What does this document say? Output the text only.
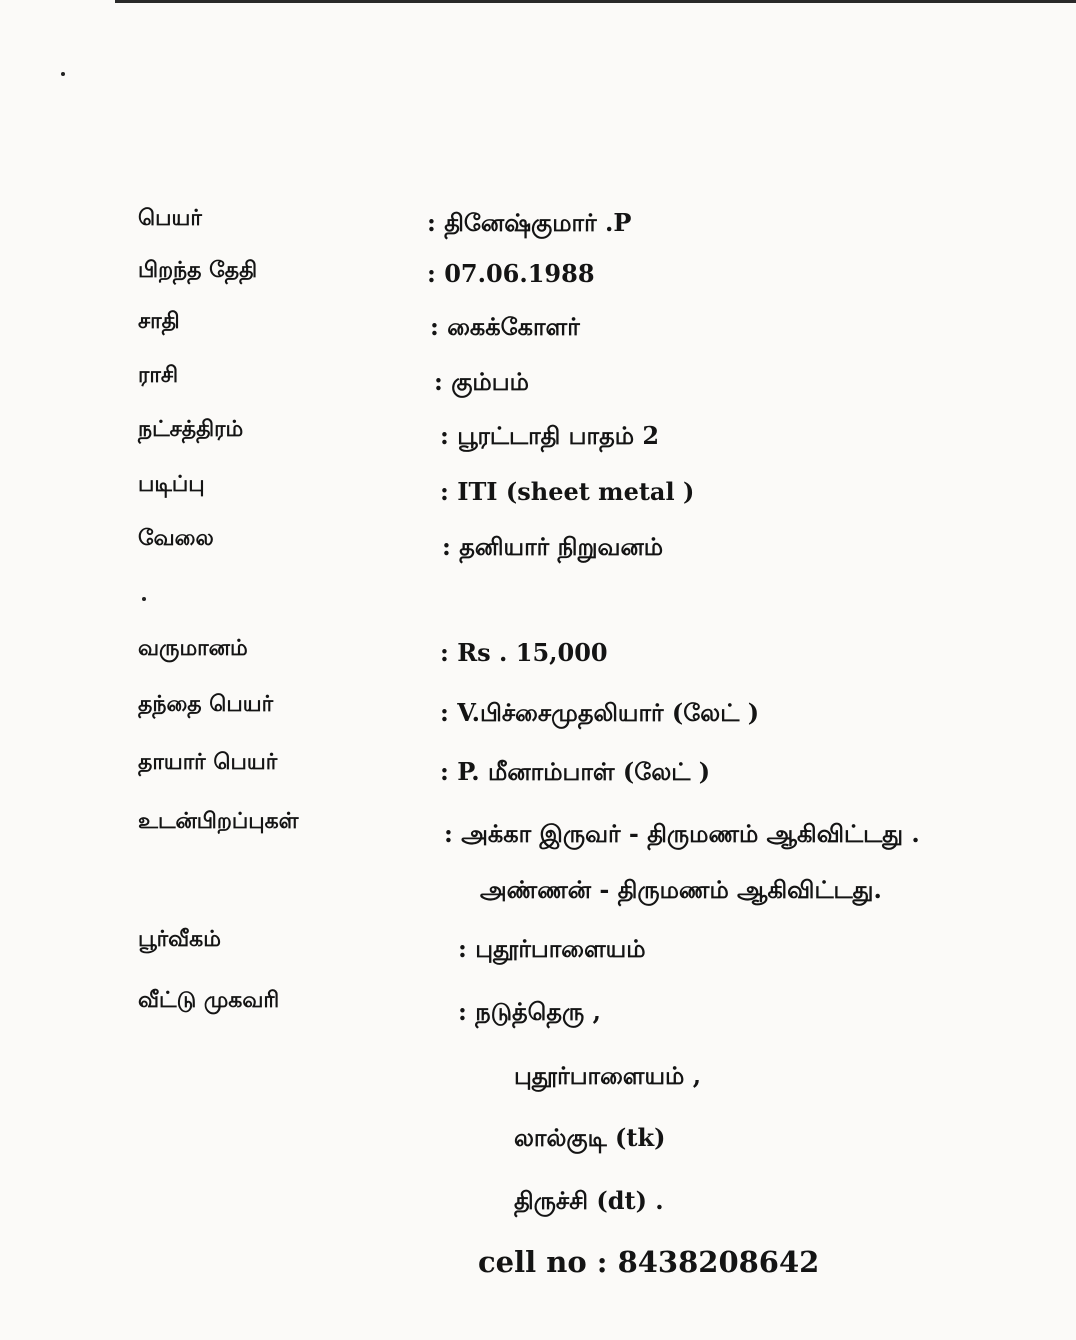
பெயர்	: தினேஷ்குமார் .P
பிறந்த தேதி	: 07.06.1988
சாதி	: கைக்கோளர்
ராசி	: கும்பம்
நட்சத்திரம்	: பூரட்டாதி பாதம் 2
படிப்பு	: ITI (sheet metal )
வேலை	: தனியார் நிறுவனம்
வருமானம்	: Rs . 15,000
தந்தை பெயர்	: V.பிச்சைமுதலியார் (லேட் )
தாயார் பெயர்	: P. மீனாம்பாள் (லேட் )
உடன்பிறப்புகள்	: அக்கா இருவர் - திருமணம் ஆகிவிட்டது .
அண்ணன் - திருமணம் ஆகிவிட்டது.
பூர்வீகம்	: புதூர்பாளையம்
வீட்டு முகவரி	: நடுத்தெரு ,
புதூர்பாளையம் ,
லால்குடி (tk)
திருச்சி (dt) .
cell no : 8438208642
